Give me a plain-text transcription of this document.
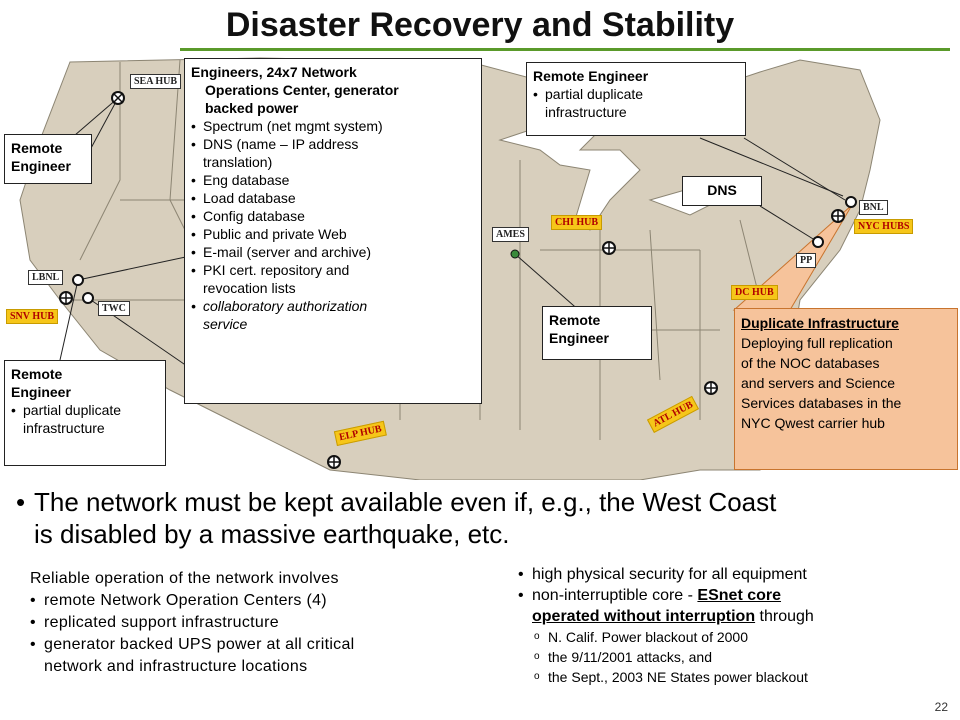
Disaster Recovery and Stability
SEA HUB
LBNL
SNV HUB
TWC
ELP HUB
CHI HUB
AMES
BNL
NYC HUBS
PP
DC HUB
ATL HUB
Engineers, 24x7 Network
Operations Center, generator
backed power
• Spectrum (net mgmt system)
• DNS (name – IP address
translation)
• Eng database
• Load database
• Config database
• Public and private Web
• E-mail (server and archive)
• PKI cert. repository and
revocation lists
• collaboratory authorization
service
Remote Engineer
• partial duplicate
infrastructure
Remote
Engineer
Remote
Engineer
• partial duplicate
infrastructure
Remote
Engineer
DNS
Duplicate Infrastructure
Deploying full replication
of the NOC databases
and servers and Science
Services databases in the
NYC Qwest carrier hub
• The network must be kept available even if, e.g., the West Coast
is disabled by a massive earthquake, etc.
Reliable operation of the network involves
• remote Network Operation Centers (4)
• replicated support infrastructure
• generator backed UPS power at all critical
network and infrastructure locations
• high physical security for all equipment
• non-interruptible core - ESnet core
operated without interruption through
o N. Calif. Power blackout of 2000
o the 9/11/2001 attacks, and
o the Sept., 2003 NE States power blackout
22
